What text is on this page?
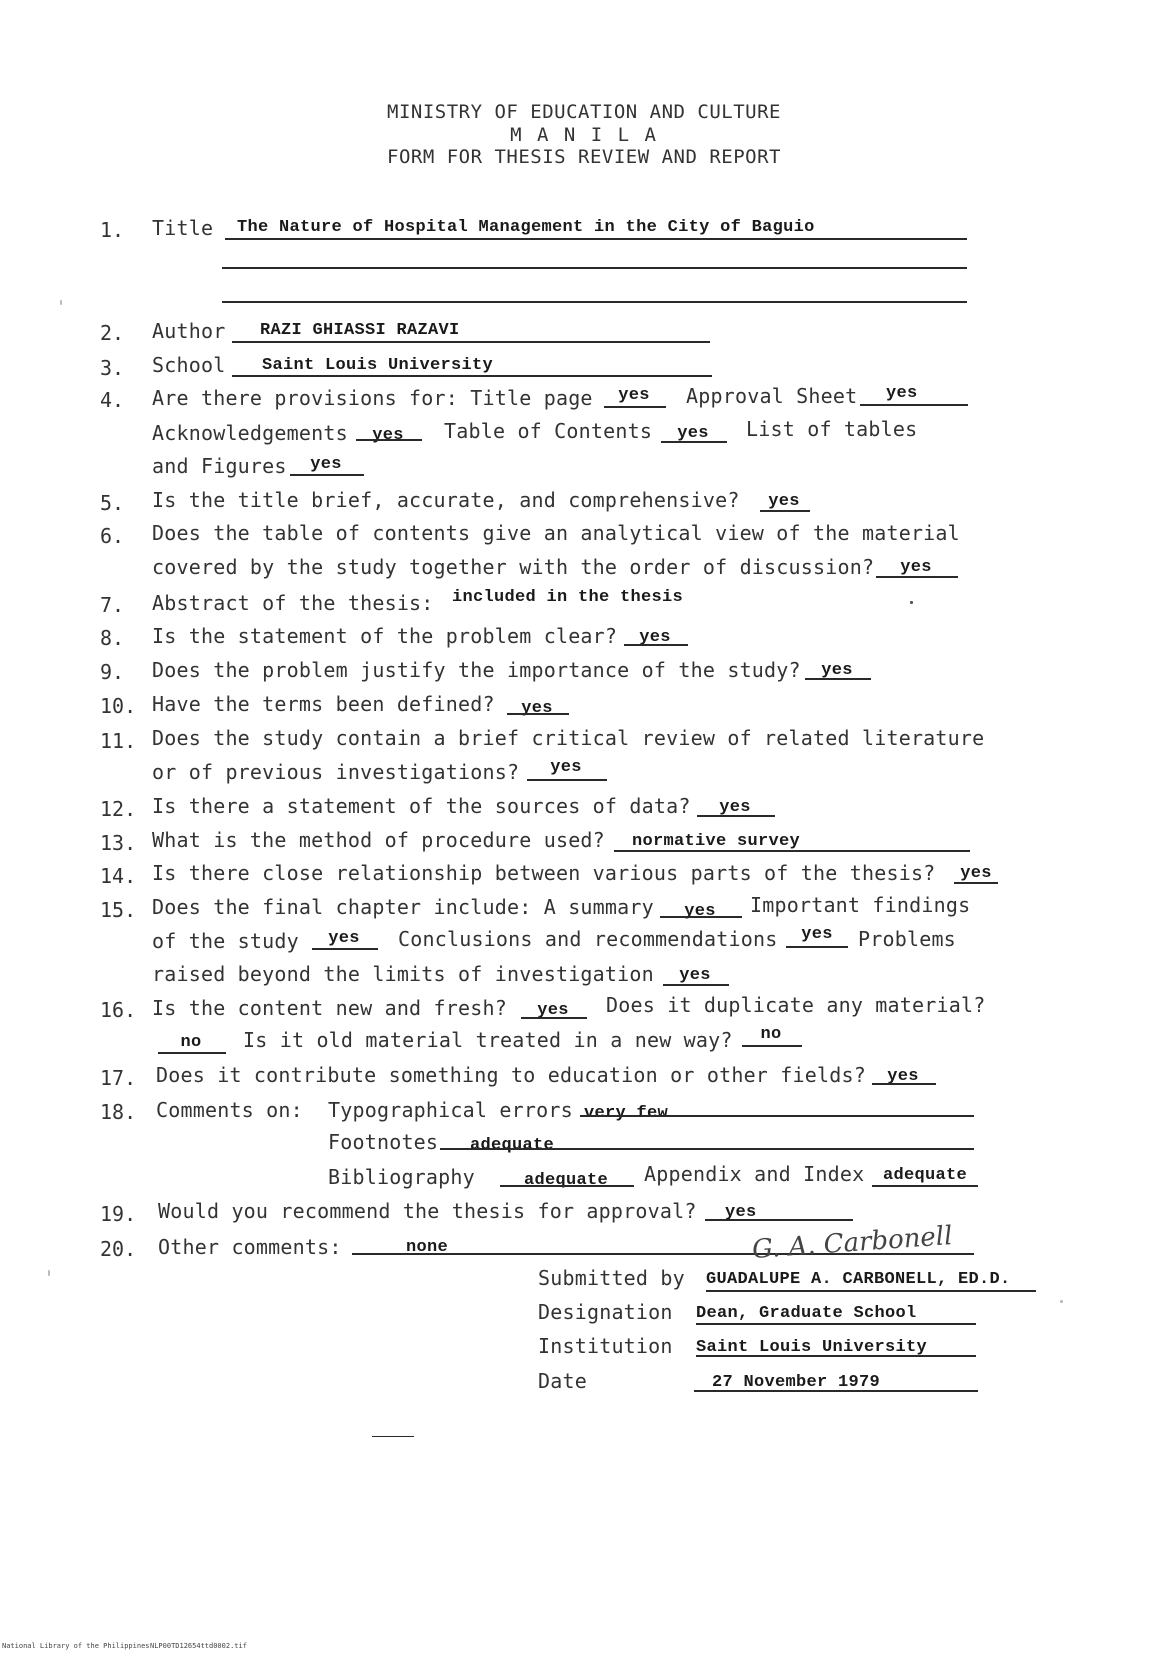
MINISTRY OF EDUCATION AND CULTURE
M A N I L A
FORM FOR THESIS REVIEW AND REPORT
1.	Title	The Nature of Hospital Management in the City of Baguio
2.	Author	RAZI GHIASSI RAZAVI
3.	School	Saint Louis University
4.	Are there provisions for: Title page	yes	Approval Sheet	yes
Acknowledgements	yes	Table of Contents	yes	List of tables
and Figures	yes
5.	Is the title brief, accurate, and comprehensive?	yes
6.	Does the table of contents give an analytical view of the material
covered by the study together with the order of discussion?	yes
7.	Abstract of the thesis: included in the thesis
8.	Is the statement of the problem clear?	yes
9.	Does the problem justify the importance of the study?	yes
10. Have the terms been defined?	yes
11. Does the study contain a brief critical review of related literature
or of previous investigations?	yes
12. Is there a statement of the sources of data?	yes
13. What is the method of procedure used?	normative survey
14. Is there close relationship between various parts of the thesis?	yes
15. Does the final chapter include: A summary	yes	Important findings
of the study	yes	Conclusions and recommendations	yes	Problems
raised beyond the limits of investigation	yes
16. Is the content new and fresh?	yes	Does it duplicate any material?
no	Is it old material treated in a new way?	no
17. Does it contribute something to education or other fields?	yes
18. Comments on: Typographical errors very few
Footnotes	adequate
Bibliography	adequate	Appendix and Index	adequate
19.	Would you recommend the thesis for approval?	yes
20.	Other comments:	none	G. A. Carbonell
Submitted by GUADALUPE A. CARBONELL, ED.D.
Designation Dean, Graduate School
Institution Saint Louis University
Date	27 November 1979
National Library of the Philippines NLP00TD12654ttd0002.tif
